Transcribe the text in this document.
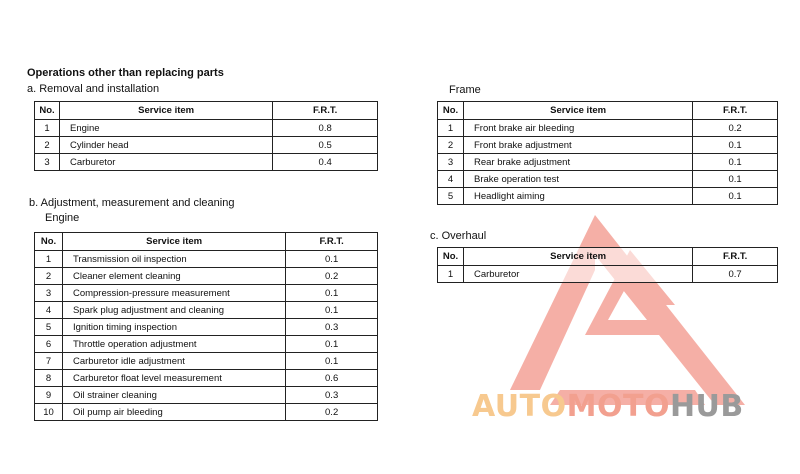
Operations other than replacing parts
a. Removal and installation
No.	Service item	F.R.T.
1	Engine	0.8
2	Cylinder head	0.5
3	Carburetor	0.4
b. Adjustment, measurement and cleaning
Engine
No.	Service item	F.R.T.
1	Transmission oil inspection	0.1
2	Cleaner element cleaning	0.2
3	Compression-pressure measurement	0.1
4	Spark plug adjustment and cleaning	0.1
5	Ignition timing inspection	0.3
6	Throttle operation adjustment	0.1
7	Carburetor idle adjustment	0.1
8	Carburetor float level measurement	0.6
9	Oil strainer cleaning	0.3
10	Oil pump air bleeding	0.2
Frame
No.	Service item	F.R.T.
1	Front brake air bleeding	0.2
2	Front brake adjustment	0.1
3	Rear brake adjustment	0.1
4	Brake operation test	0.1
5	Headlight aiming	0.1
c. Overhaul
No.	Service item	F.R.T.
1	Carburetor	0.7
AUTOMOTOHUB
